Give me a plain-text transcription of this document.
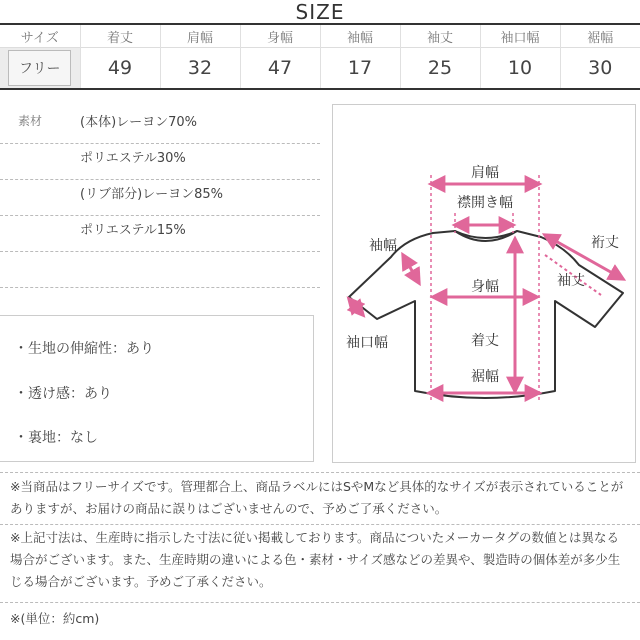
SIZE
サイズ	着丈	肩幅	身幅	袖幅	袖丈	袖口幅	裾幅
フリー	49	32	47	17	25	10	30
素材	(本体)レーヨン70%
ポリエステル30%
(リブ部分)レーヨン85%
ポリエステル15%
・生地の伸縮性：あり
・透け感：あり
・裏地：なし
肩幅
襟開き幅
裄丈
袖幅
袖丈
身幅
袖口幅	着丈
裾幅
※当商品はフリーサイズです。管理都合上、商品ラベルにはSやMなど具体的なサイズが表示されていることがありますが、お届けの商品に誤りはございませんので、予めご了承ください。
※上記寸法は、生産時に指示した寸法に従い掲載しております。商品についたメーカータグの数値とは異なる場合がございます。また、生産時期の違いによる色・素材・サイズ感などの差異や、製造時の個体差が多少生じる場合がございます。予めご了承ください。
※(単位：約cm)
